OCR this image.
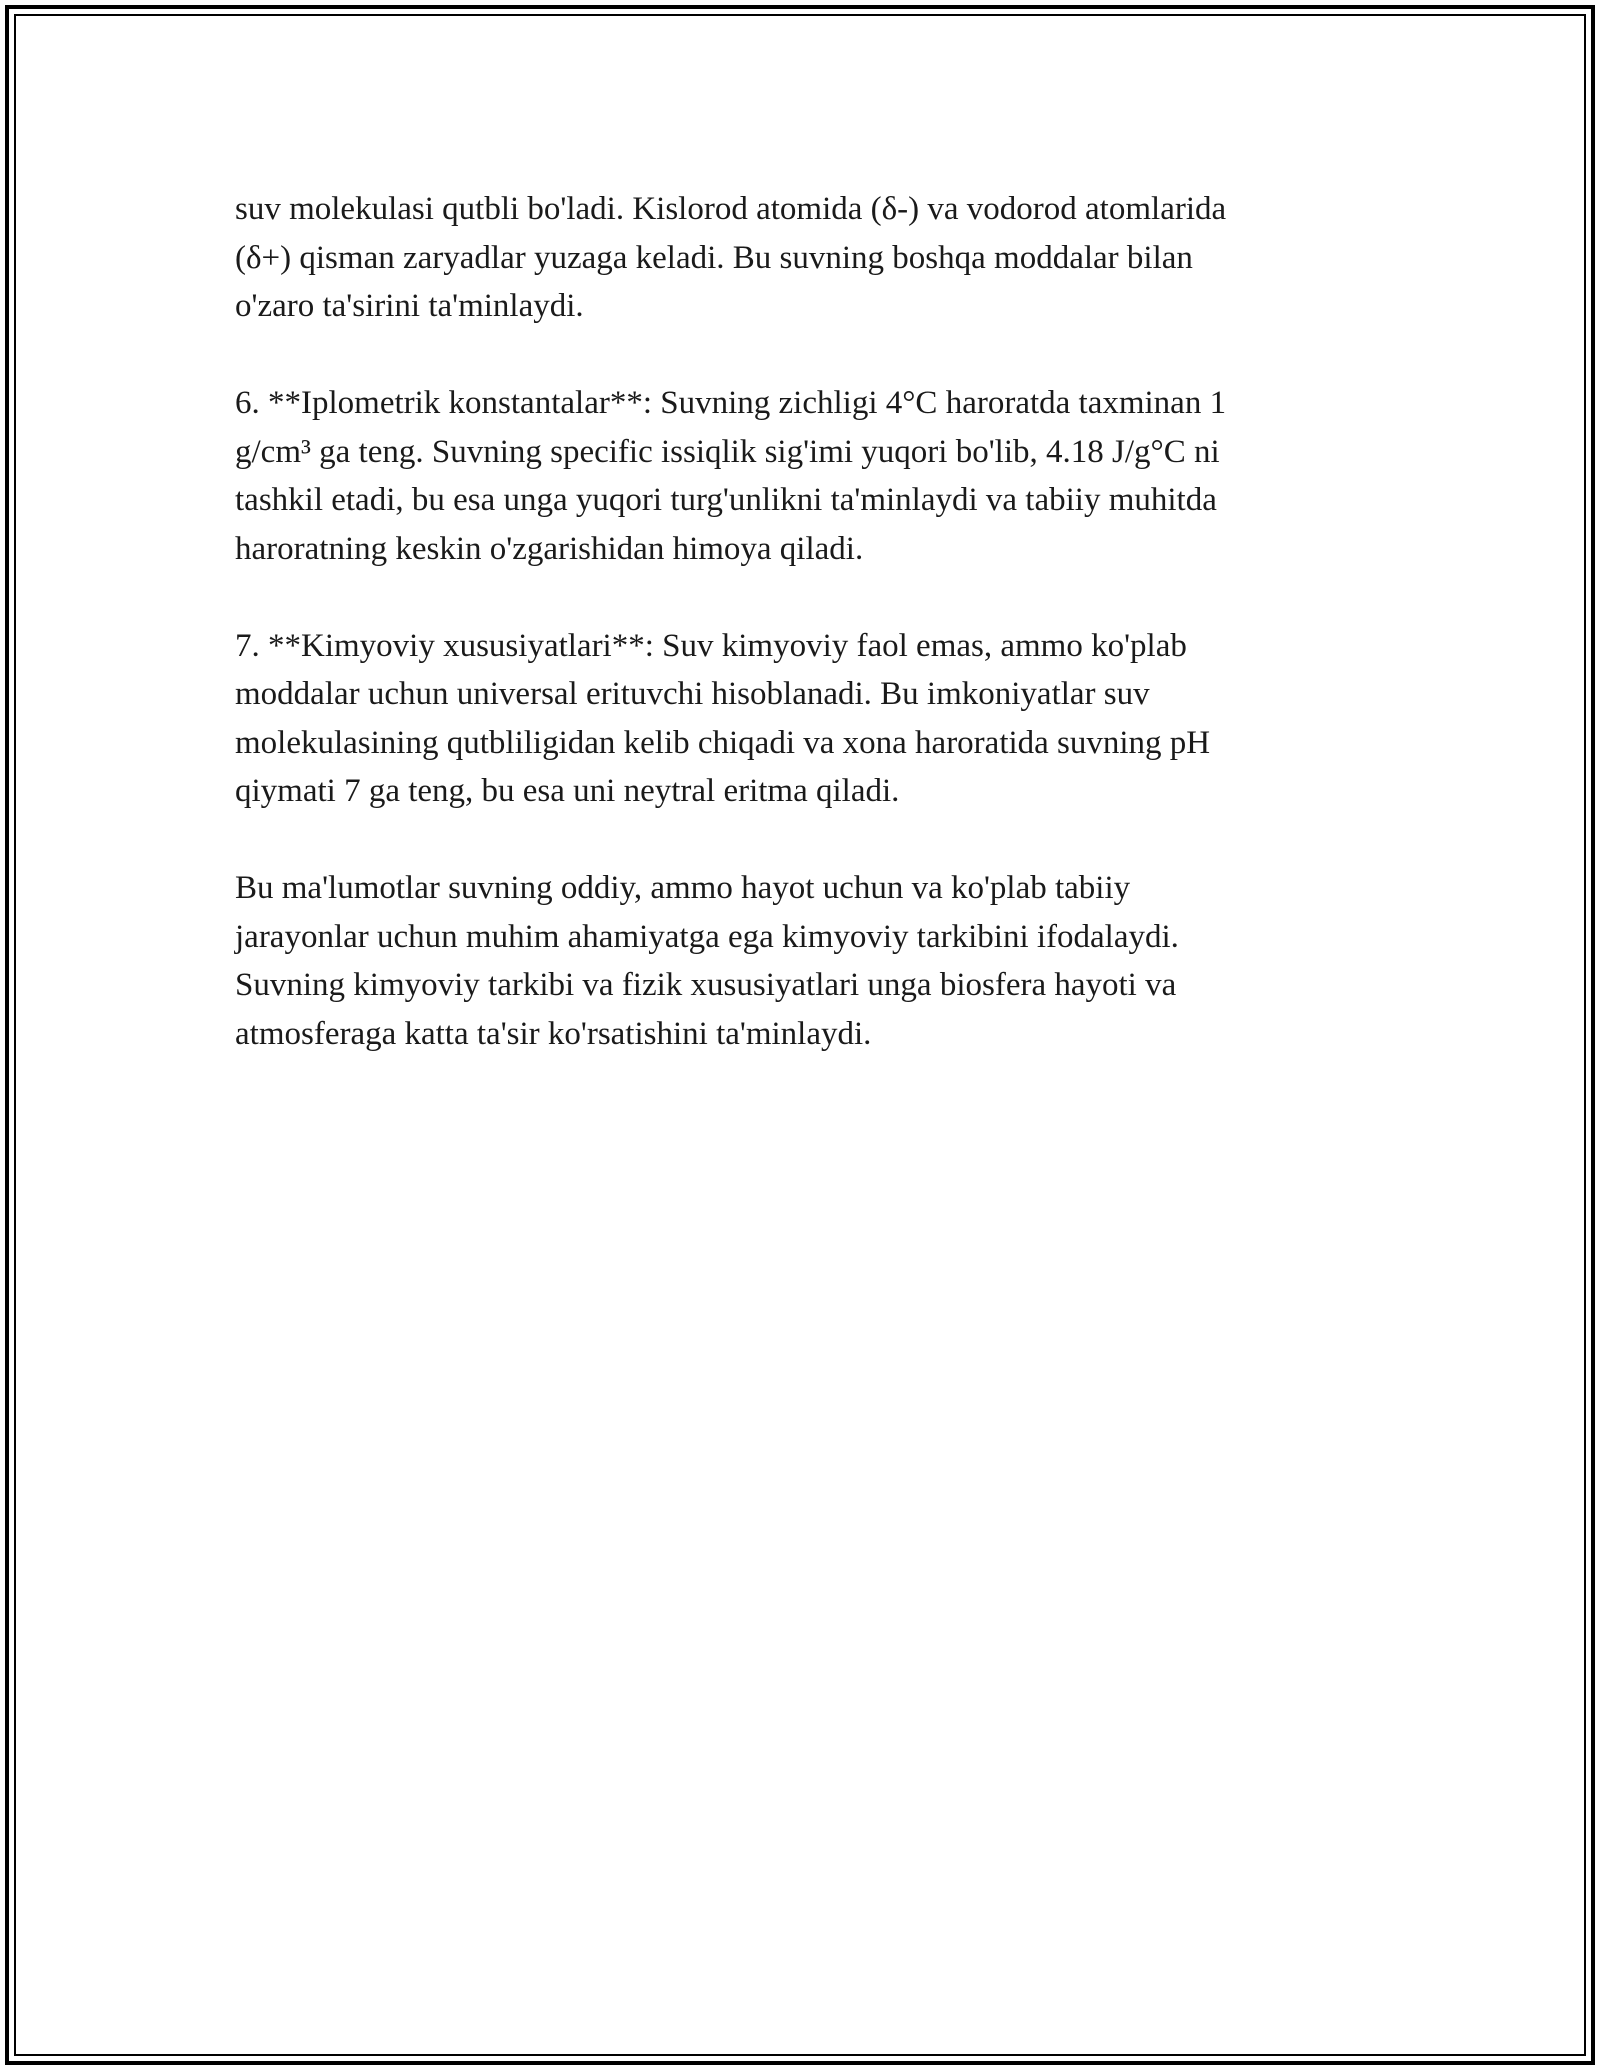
suv molekulasi qutbli bo'ladi. Kislorod atomida (δ-) va vodorod atomlarida
(δ+) qisman zaryadlar yuzaga keladi. Bu suvning boshqa moddalar bilan
o'zaro ta'sirini ta'minlaydi.

6. **Iplometrik konstantalar**: Suvning zichligi 4°C haroratda taxminan 1
g/cm³ ga teng. Suvning specific issiqlik sig'imi yuqori bo'lib, 4.18 J/g°C ni
tashkil etadi, bu esa unga yuqori turg'unlikni ta'minlaydi va tabiiy muhitda
haroratning keskin o'zgarishidan himoya qiladi.

7. **Kimyoviy xususiyatlari**: Suv kimyoviy faol emas, ammo ko'plab
moddalar uchun universal erituvchi hisoblanadi. Bu imkoniyatlar suv
molekulasining qutbliligidan kelib chiqadi va xona haroratida suvning pH
qiymati 7 ga teng, bu esa uni neytral eritma qiladi.

Bu ma'lumotlar suvning oddiy, ammo hayot uchun va ko'plab tabiiy
jarayonlar uchun muhim ahamiyatga ega kimyoviy tarkibini ifodalaydi.
Suvning kimyoviy tarkibi va fizik xususiyatlari unga biosfera hayoti va
atmosferaga katta ta'sir ko'rsatishini ta'minlaydi.
